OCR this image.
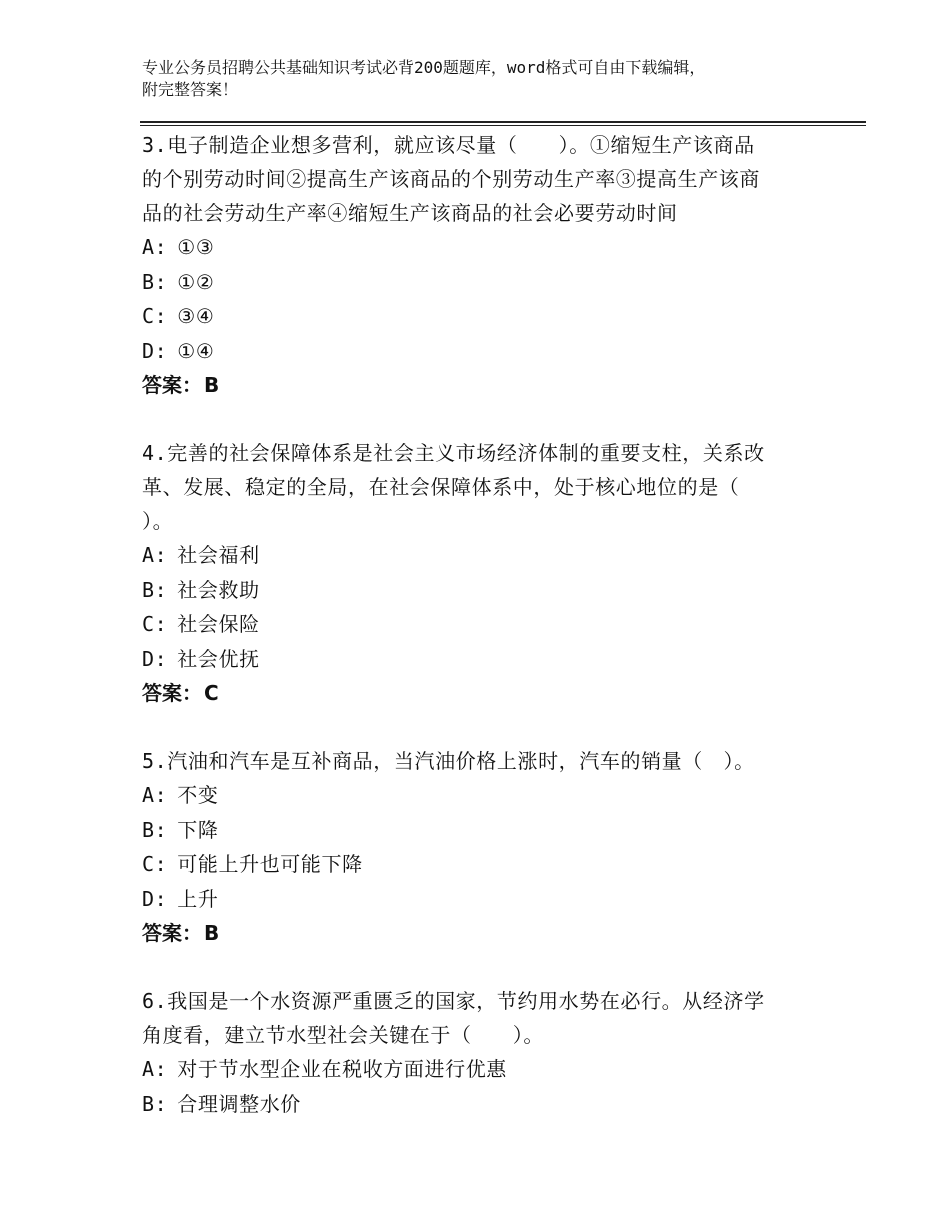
专业公务员招聘公共基础知识考试必背200题题库，word格式可自由下载编辑，
附完整答案！
3.电子制造企业想多营利，就应该尽量（　　）。①缩短生产该商品
的个别劳动时间②提高生产该商品的个别劳动生产率③提高生产该商
品的社会劳动生产率④缩短生产该商品的社会必要劳动时间
A: ①③
B: ①②
C: ③④
D: ①④
答案： B
4.完善的社会保障体系是社会主义市场经济体制的重要支柱，关系改
革、发展、稳定的全局，在社会保障体系中，处于核心地位的是（
）。
A: 社会福利
B: 社会救助
C: 社会保险
D: 社会优抚
答案： C
5.汽油和汽车是互补商品，当汽油价格上涨时，汽车的销量（　）。
A: 不变
B: 下降
C: 可能上升也可能下降
D: 上升
答案： B
6.我国是一个水资源严重匮乏的国家，节约用水势在必行。从经济学
角度看，建立节水型社会关键在于（　　）。
A: 对于节水型企业在税收方面进行优惠
B: 合理调整水价
